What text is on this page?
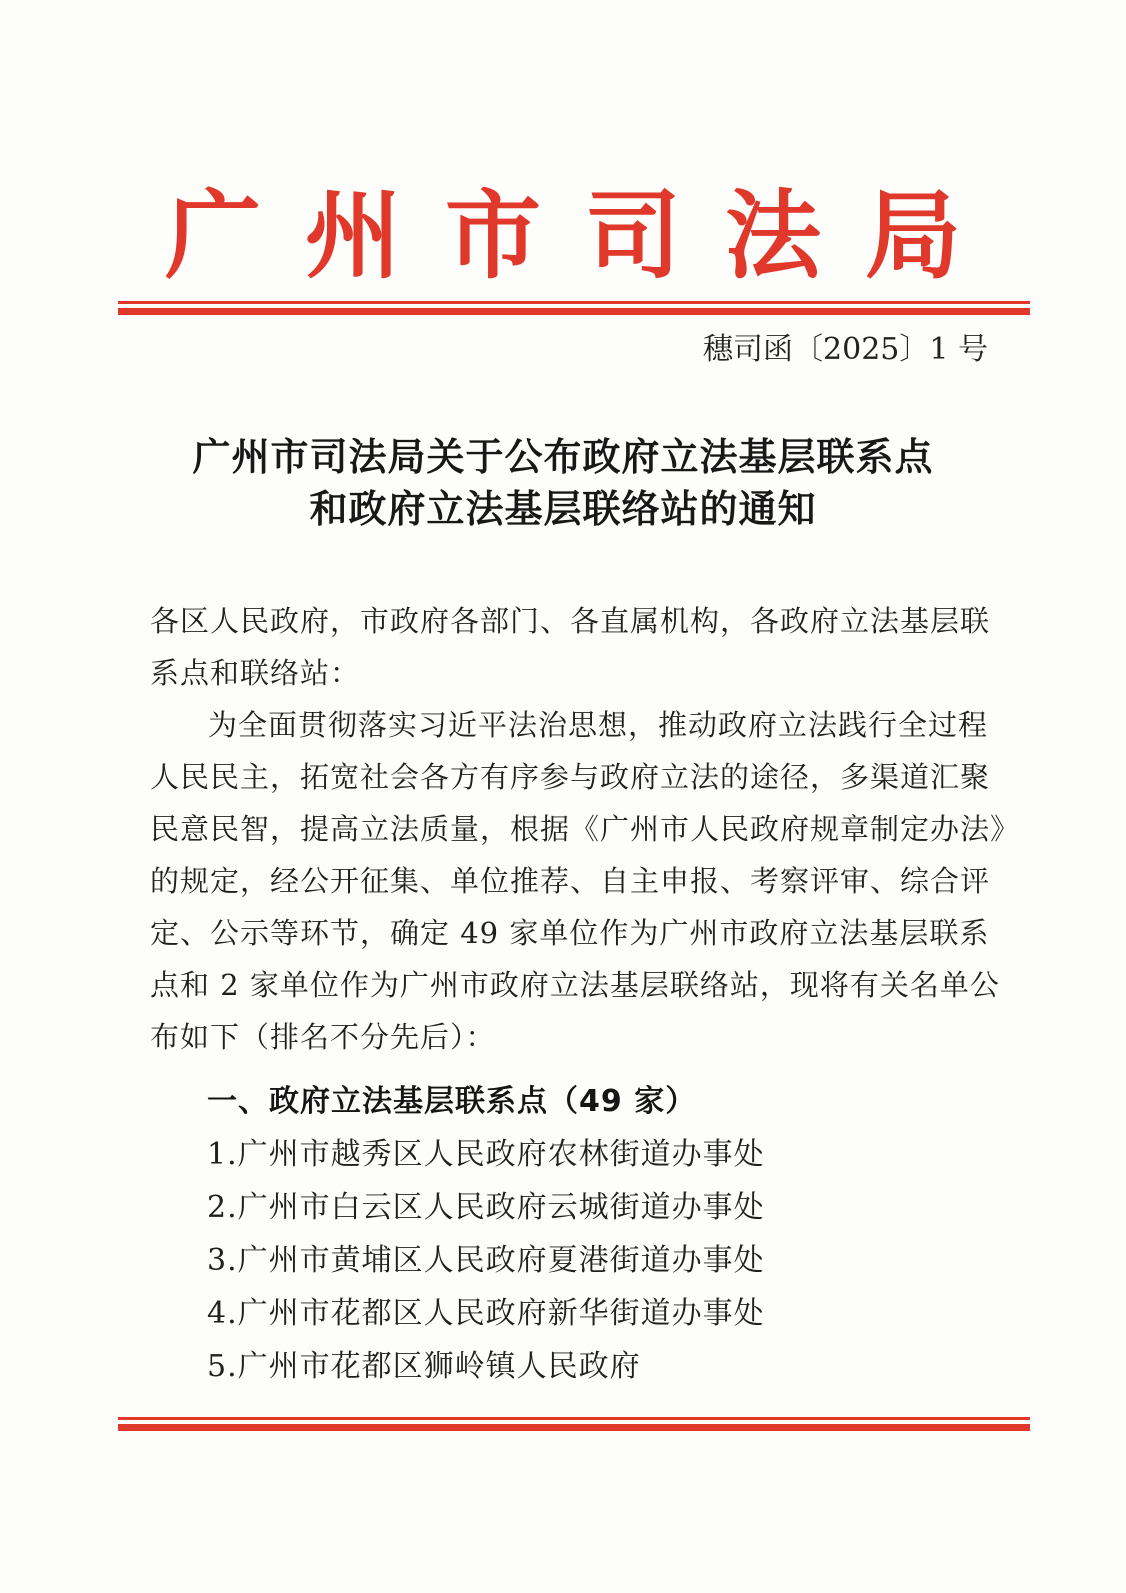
广州市司法局
穗司函〔2025〕1 号
广州市司法局关于公布政府立法基层联系点
和政府立法基层联络站的通知
各区人民政府，市政府各部门、各直属机构，各政府立法基层联
系点和联络站：
为全面贯彻落实习近平法治思想，推动政府立法践行全过程
人民民主，拓宽社会各方有序参与政府立法的途径，多渠道汇聚
民意民智，提高立法质量，根据《广州市人民政府规章制定办法》
的规定，经公开征集、单位推荐、自主申报、考察评审、综合评
定、公示等环节，确定 49 家单位作为广州市政府立法基层联系
点和 2 家单位作为广州市政府立法基层联络站，现将有关名单公
布如下（排名不分先后）：
一、政府立法基层联系点（49 家）
1.广州市越秀区人民政府农林街道办事处
2.广州市白云区人民政府云城街道办事处
3.广州市黄埔区人民政府夏港街道办事处
4.广州市花都区人民政府新华街道办事处
5.广州市花都区狮岭镇人民政府
